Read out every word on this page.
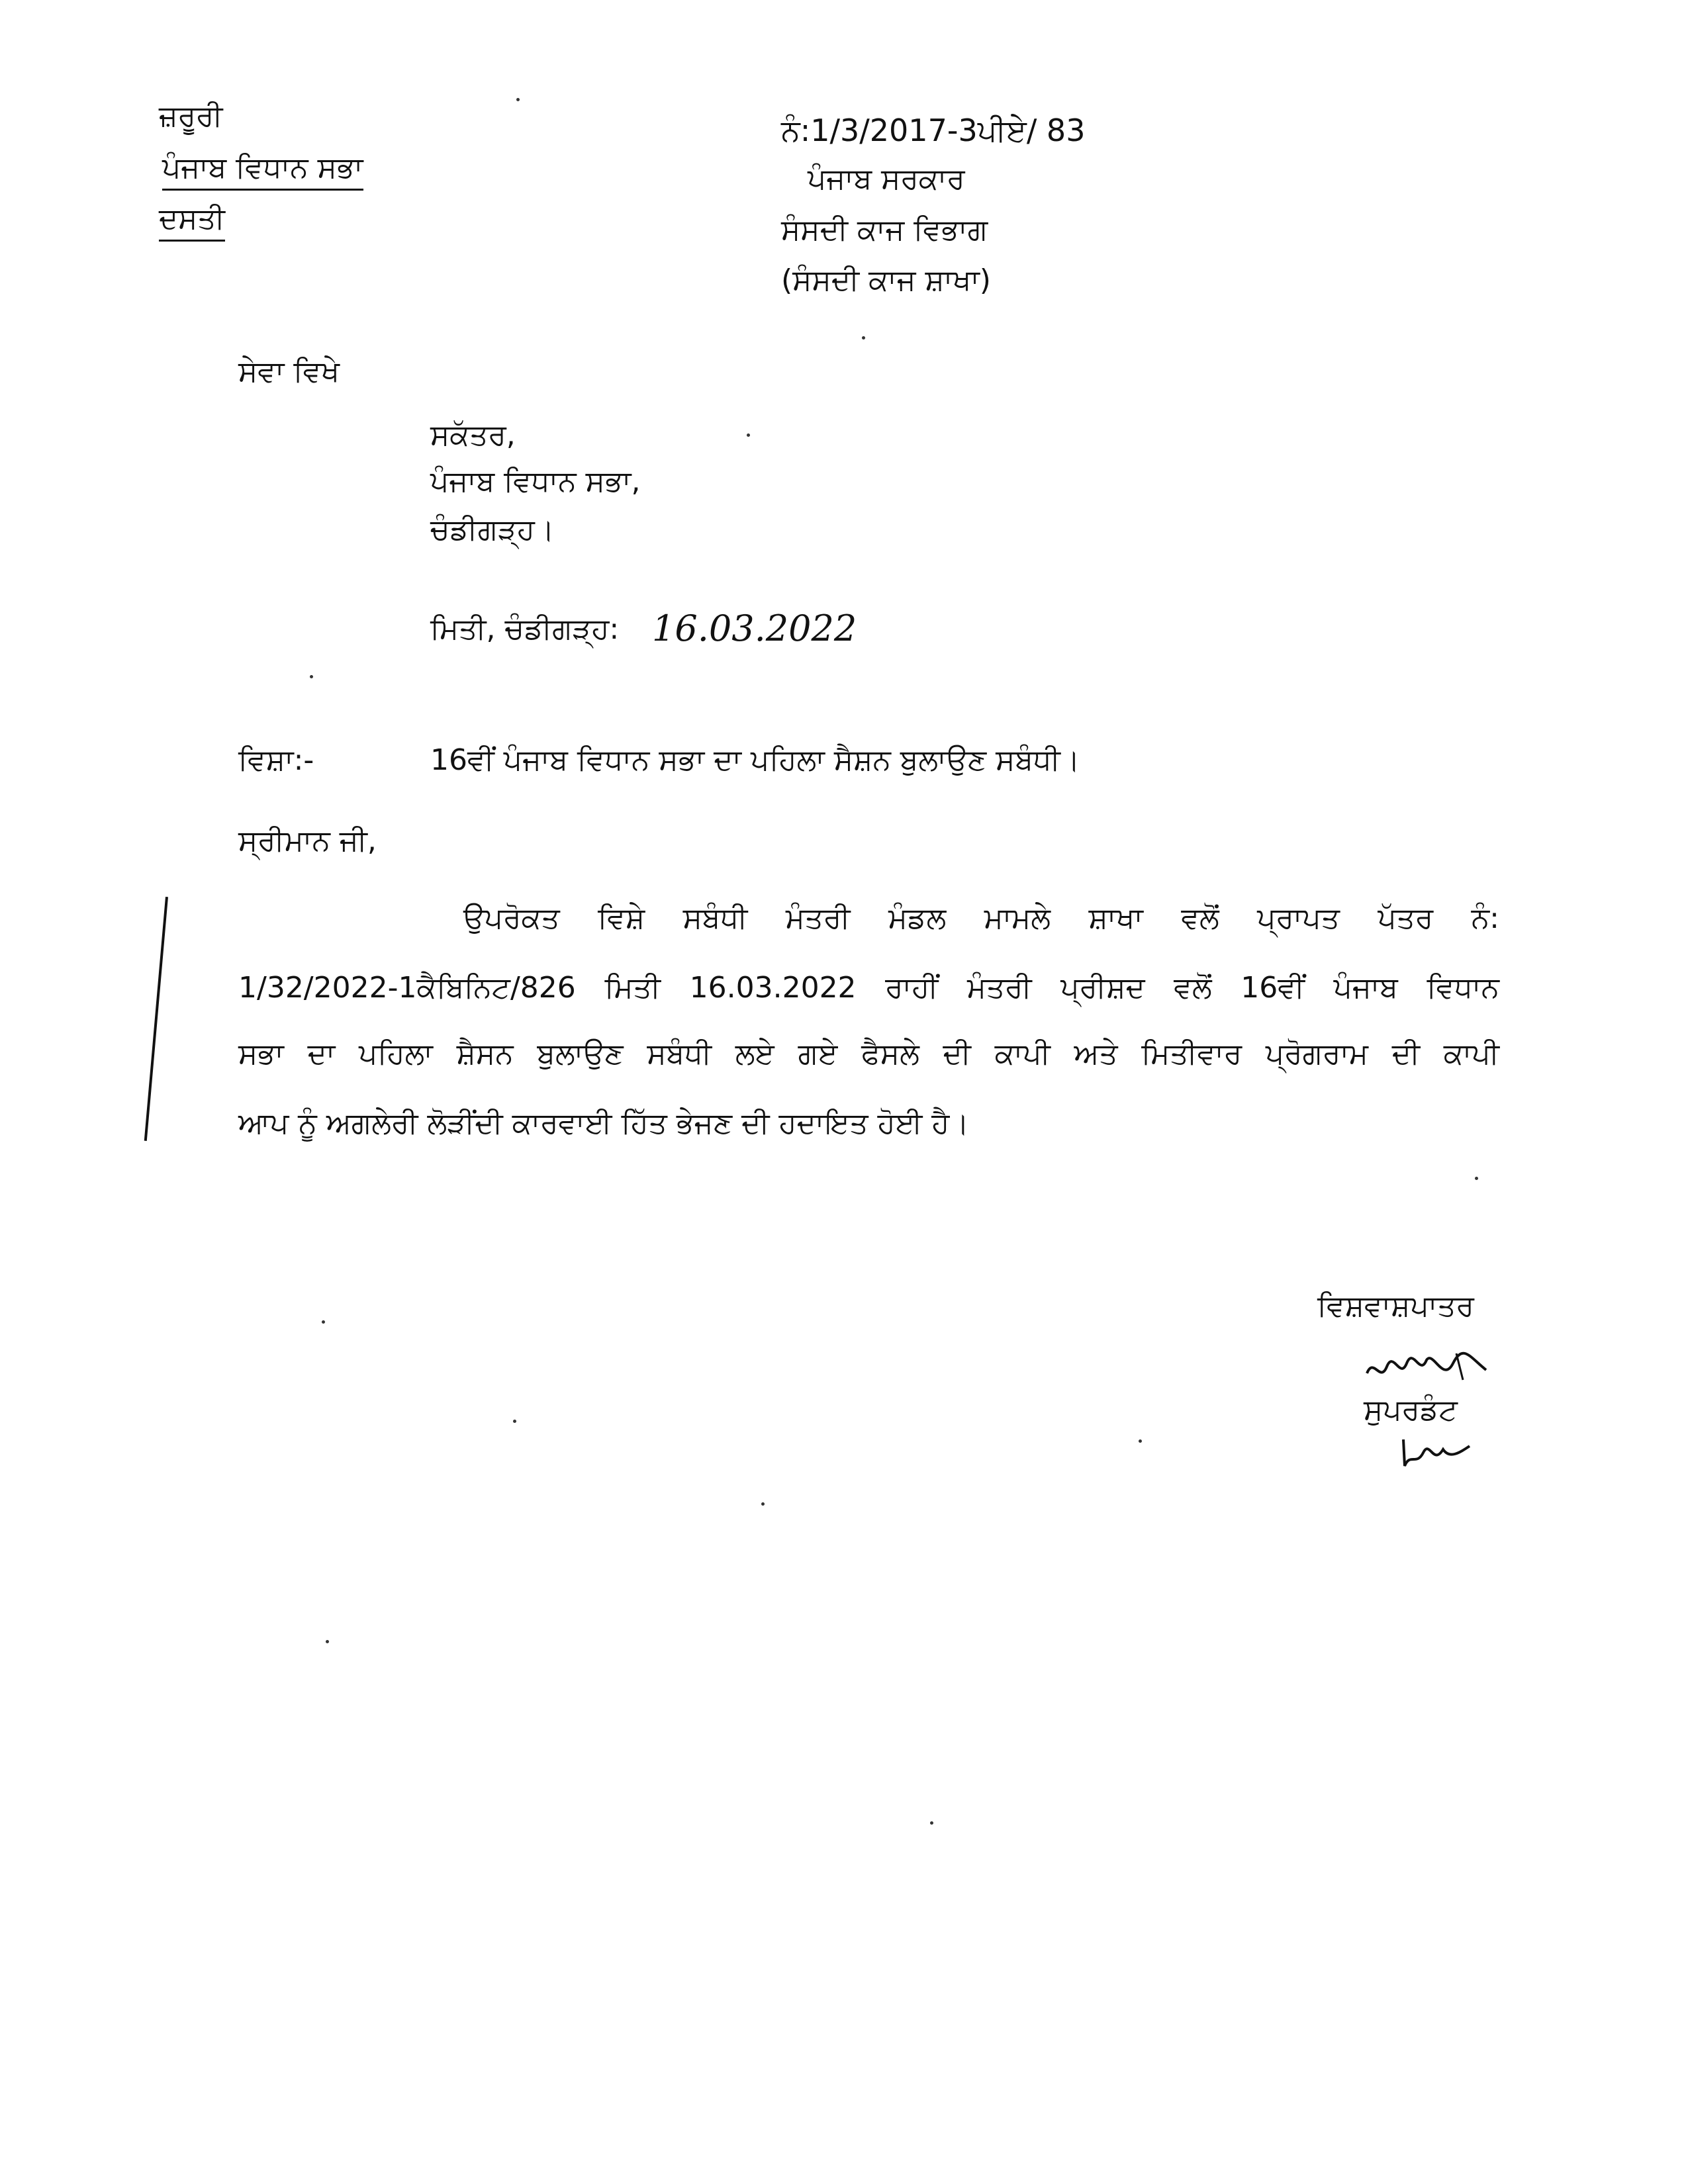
ਜ਼ਰੂਰੀ
ਪੰਜਾਬ ਵਿਧਾਨ ਸਭਾ
ਦਸਤੀ
ਨੰ:1/3/2017-3ਪੀਏ/ 83
ਪੰਜਾਬ ਸਰਕਾਰ
ਸੰਸਦੀ ਕਾਜ ਵਿਭਾਗ
(ਸੰਸਦੀ ਕਾਜ ਸ਼ਾਖਾ)
ਸੇਵਾ ਵਿਖੇ
ਸਕੱਤਰ,
ਪੰਜਾਬ ਵਿਧਾਨ ਸਭਾ,
ਚੰਡੀਗੜ੍ਹ।
ਮਿਤੀ, ਚੰਡੀਗੜ੍ਹ: 16.03.2022
ਵਿਸ਼ਾ:-	16ਵੀਂ ਪੰਜਾਬ ਵਿਧਾਨ ਸਭਾ ਦਾ ਪਹਿਲਾ ਸੈਸ਼ਨ ਬੁਲਾਉਣ ਸਬੰਧੀ।
ਸ੍ਰੀਮਾਨ ਜੀ,
ਉਪਰੋਕਤ ਵਿਸ਼ੇ ਸਬੰਧੀ ਮੰਤਰੀ ਮੰਡਲ ਮਾਮਲੇ ਸ਼ਾਖਾ ਵਲੋਂ ਪ੍ਰਾਪਤ ਪੱਤਰ ਨੰ:
1/32/2022-1ਕੈਬਿਨਿਟ/826 ਮਿਤੀ 16.03.2022 ਰਾਹੀਂ ਮੰਤਰੀ ਪ੍ਰੀਸ਼ਦ ਵਲੋਂ 16ਵੀਂ ਪੰਜਾਬ ਵਿਧਾਨ
ਸਭਾ ਦਾ ਪਹਿਲਾ ਸ਼ੈਸਨ ਬੁਲਾਉਣ ਸਬੰਧੀ ਲਏ ਗਏ ਫੈਸਲੇ ਦੀ ਕਾਪੀ ਅਤੇ ਮਿਤੀਵਾਰ ਪ੍ਰੋਗਰਾਮ ਦੀ ਕਾਪੀ
ਆਪ ਨੂੰ ਅਗਲੇਰੀ ਲੋੜੀਂਦੀ ਕਾਰਵਾਈ ਹਿੱਤ ਭੇਜਣ ਦੀ ਹਦਾਇਤ ਹੋਈ ਹੈ।
ਵਿਸ਼ਵਾਸ਼ਪਾਤਰ
ਸੁਪਰਡੰਟ
